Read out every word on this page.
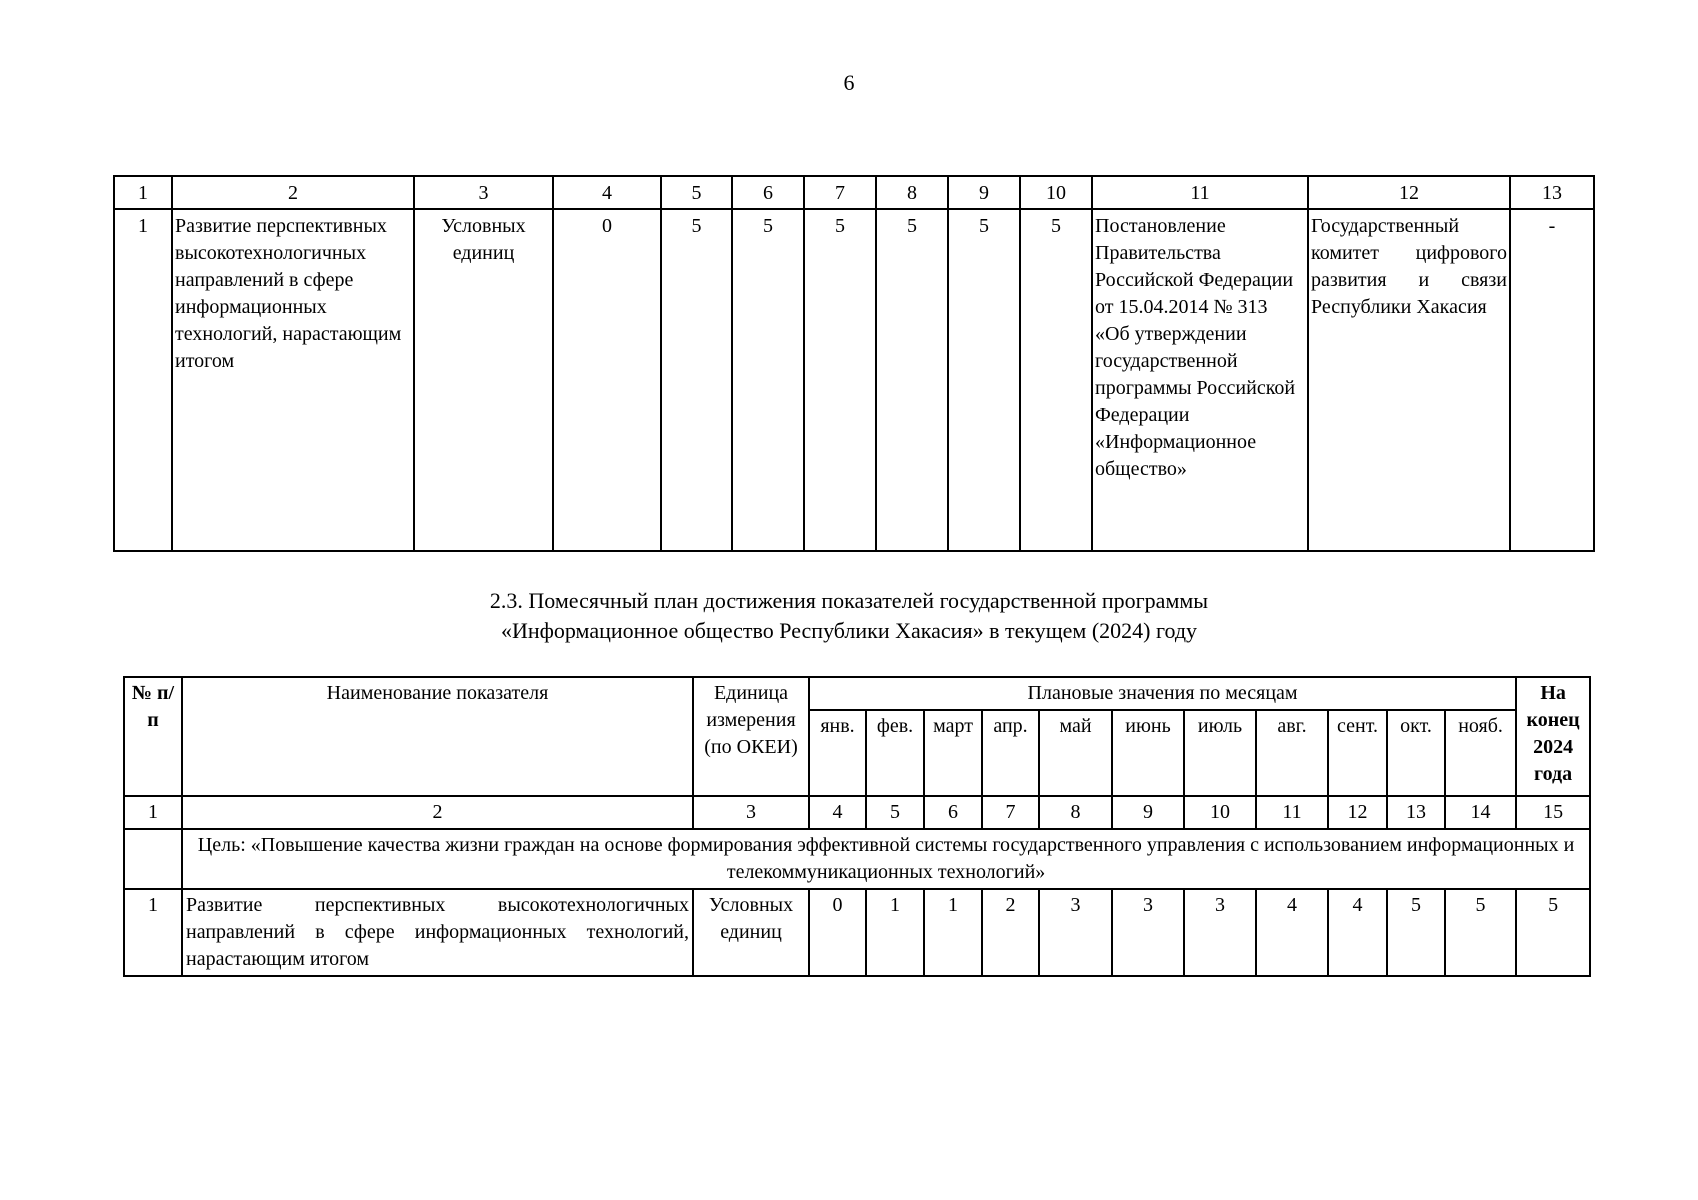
6
1	2	3	4	5	6	7	8	9	10	11	12	13
1	Развитие перспективных высокотехнологичных направлений в сфере информационных технологий, нарастающим итогом	Условных единиц	0	5	5	5	5	5	5	Постановление Правительства Российской Федерации от 15.04.2014 № 313 «Об утверждении государственной программы Российской Федерации «Информационное общество»	Государственный комитет цифрового развития и связи Республики Хакасия	-
2.3. Помесячный план достижения показателей государственной программы
«Информационное общество Республики Хакасия» в текущем (2024) году
№ п/п	Наименование показателя	Единица измерения (по ОКЕИ)	Плановые значения по месяцам											На конец 2024 года
			янв.	фев.	март	апр.	май	июнь	июль	авг.	сент.	окт.	нояб.	
1	2	3	4	5	6	7	8	9	10	11	12	13	14	15
	Цель: «Повышение качества жизни граждан на основе формирования эффективной системы государственного управления с использованием информационных и телекоммуникационных технологий»													
1	Развитие перспективных высокотехнологичных направлений в сфере информационных технологий, нарастающим итогом	Условных единиц	0	1	1	2	3	3	3	4	4	5	5	5
